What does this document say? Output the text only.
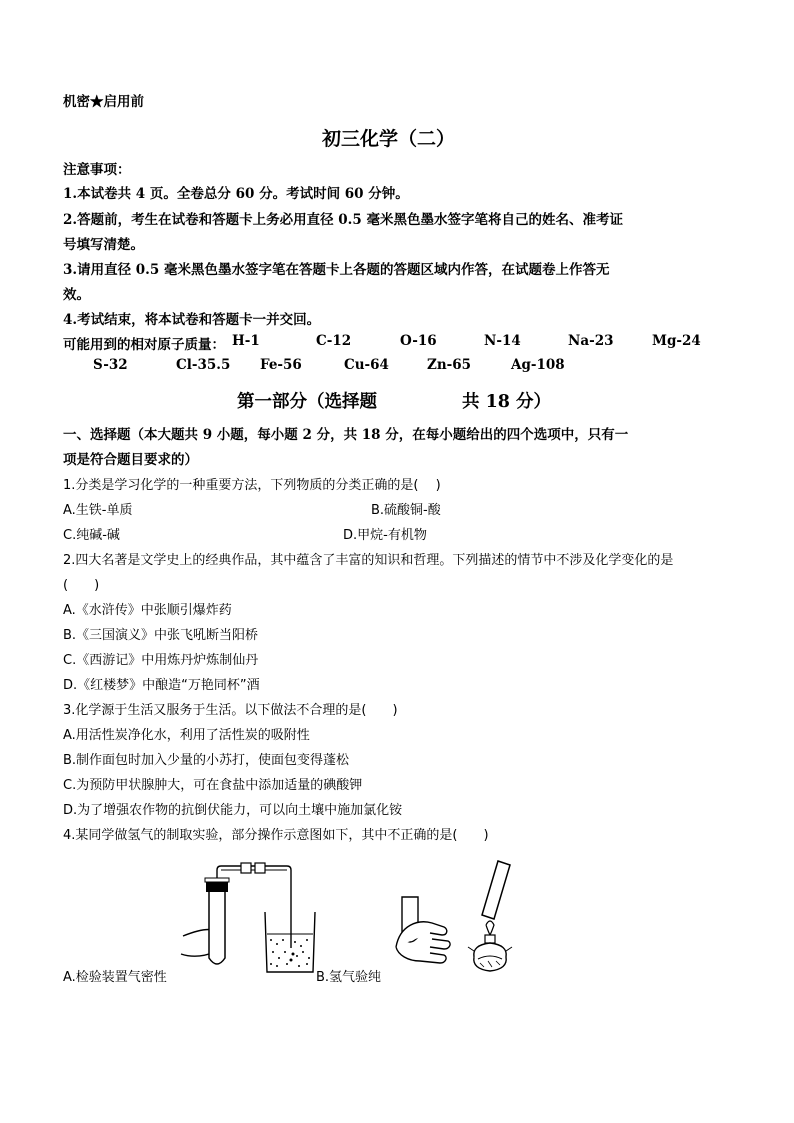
机密★启用前
初三化学（二）
注意事项：
1.本试卷共 4 页。全卷总分 60 分。考试时间 60 分钟。
2.答题前，考生在试卷和答题卡上务必用直径 0.5 毫米黑色墨水签字笔将自己的姓名、准考证
号填写清楚。
3.请用直径 0.5 毫米黑色墨水签字笔在答题卡上各题的答题区域内作答，在试题卷上作答无
效。
4.考试结束，将本试卷和答题卡一并交回。
可能用到的相对原子质量： H-1	C-12	O-16	N-14	Na-23	Mg-24
S-32	Cl-35.5 Fe-56	Cu-64	Zn-65	Ag-108
第一部分（选择题	共 18 分）
一、选择题（本大题共 9 小题，每小题 2 分，共 18 分，在每小题给出的四个选项中，只有一
项是符合题目要求的）
1.分类是学习化学的一种重要方法，下列物质的分类正确的是(　 )
A.生铁-单质	B.硫酸铜-酸
C.纯碱-碱	D.甲烷-有机物
2.四大名著是文学史上的经典作品，其中蕴含了丰富的知识和哲理。下列描述的情节中不涉及化学变化的是
(　　)
A.《水浒传》中张顺引爆炸药
B.《三国演义》中张飞吼断当阳桥
C.《西游记》中用炼丹炉炼制仙丹
D.《红楼梦》中酿造“万艳同杯”酒
3.化学源于生活又服务于生活。以下做法不合理的是(　　)
A.用活性炭净化水，利用了活性炭的吸附性
B.制作面包时加入少量的小苏打，使面包变得蓬松
C.为预防甲状腺肿大，可在食盐中添加适量的碘酸钾
D.为了增强农作物的抗倒伏能力，可以向土壤中施加氯化铵
4.某同学做氢气的制取实验，部分操作示意图如下，其中不正确的是(　　)
A.检验装置气密性	B.氢气验纯
